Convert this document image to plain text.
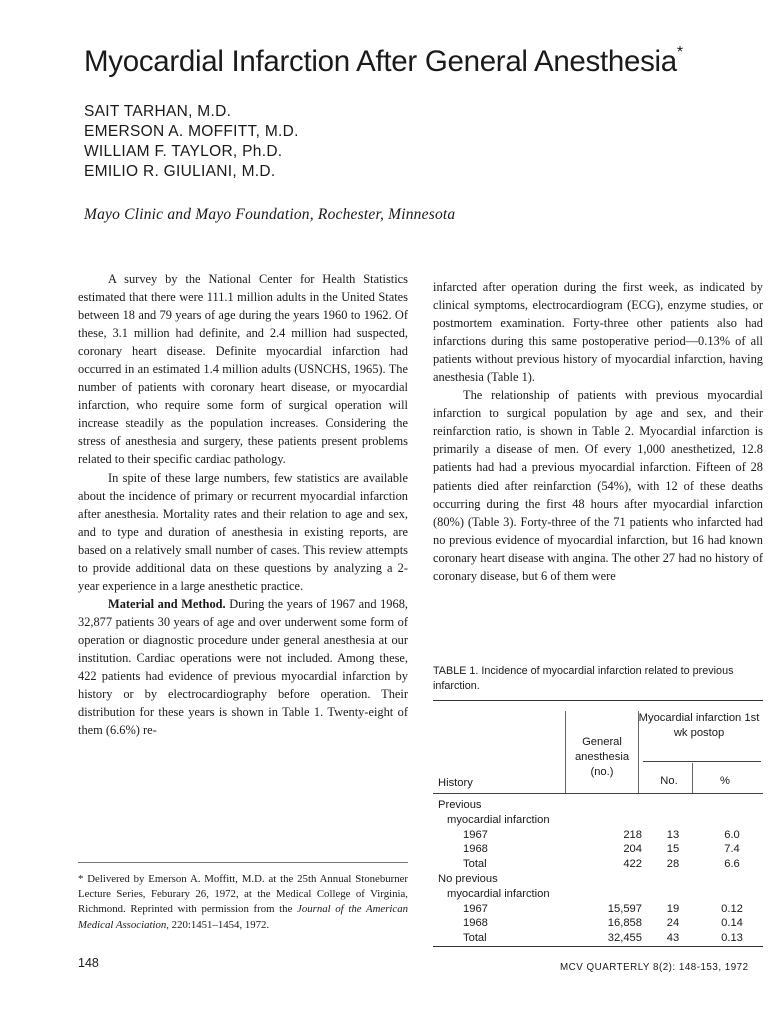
Myocardial Infarction After General Anesthesia*
SAIT TARHAN, M.D.
EMERSON A. MOFFITT, M.D.
WILLIAM F. TAYLOR, Ph.D.
EMILIO R. GIULIANI, M.D.
Mayo Clinic and Mayo Foundation, Rochester, Minnesota

A survey by the National Center for Health Statistics estimated that there were 111.1 million adults in the United States between 18 and 79 years of age during the years 1960 to 1962. Of these, 3.1 million had definite, and 2.4 million had suspected, coronary heart disease. Definite myocardial infarction had occurred in an estimated 1.4 million adults (USNCHS, 1965). The number of patients with coronary heart disease, or myocardial infarction, who require some form of surgical operation will increase steadily as the population increases. Considering the stress of anesthesia and surgery, these patients present problems related to their specific cardiac pathology.

In spite of these large numbers, few statistics are available about the incidence of primary or recurrent myocardial infarction after anesthesia. Mortality rates and their relation to age and sex, and to type and duration of anesthesia in existing reports, are based on a relatively small number of cases. This review attempts to provide additional data on these questions by analyzing a 2-year experience in a large anesthetic practice.

Material and Method. During the years of 1967 and 1968, 32,877 patients 30 years of age and over underwent some form of operation or diagnostic procedure under general anesthesia at our institution. Cardiac operations were not included. Among these, 422 patients had evidence of previous myocardial infarction by history or by electrocardiography before operation. Their distribution for these years is shown in Table 1. Twenty-eight of them (6.6%) re-

* Delivered by Emerson A. Moffitt, M.D. at the 25th Annual Stoneburner Lecture Series, Feburary 26, 1972, at the Medical College of Virginia, Richmond. Reprinted with permission from the Journal of the American Medical Association, 220:1451–1454, 1972.

infarcted after operation during the first week, as indicated by clinical symptoms, electrocardiogram (ECG), enzyme studies, or postmortem examination. Forty-three other patients also had infarctions during this same postoperative period—0.13% of all patients without previous history of myocardial infarction, having anesthesia (Table 1).

The relationship of patients with previous myocardial infarction to surgical population by age and sex, and their reinfarction ratio, is shown in Table 2. Myocardial infarction is primarily a disease of men. Of every 1,000 anesthetized, 12.8 patients had had a previous myocardial infarction. Fifteen of 28 patients died after reinfarction (54%), with 12 of these deaths occurring during the first 48 hours after myocardial infarction (80%) (Table 3). Forty-three of the 71 patients who infarcted had no previous evidence of myocardial infarction, but 16 had known coronary heart disease with angina. The other 27 had no history of coronary disease, but 6 of them were

TABLE 1. Incidence of myocardial infarction related to previous infarction.

History
General anesthesia (no.)
Myocardial infarction 1st wk postop
No.	%
Previous			
myocardial infarction			
1967	218	13	6.0
1968	204	15	7.4
Total	422	28	6.6
No previous			
myocardial infarction			
1967	15,597	19	0.12
1968	16,858	24	0.14
Total	32,455	43	0.13
148	MCV QUARTERLY 8(2): 148-153, 1972
